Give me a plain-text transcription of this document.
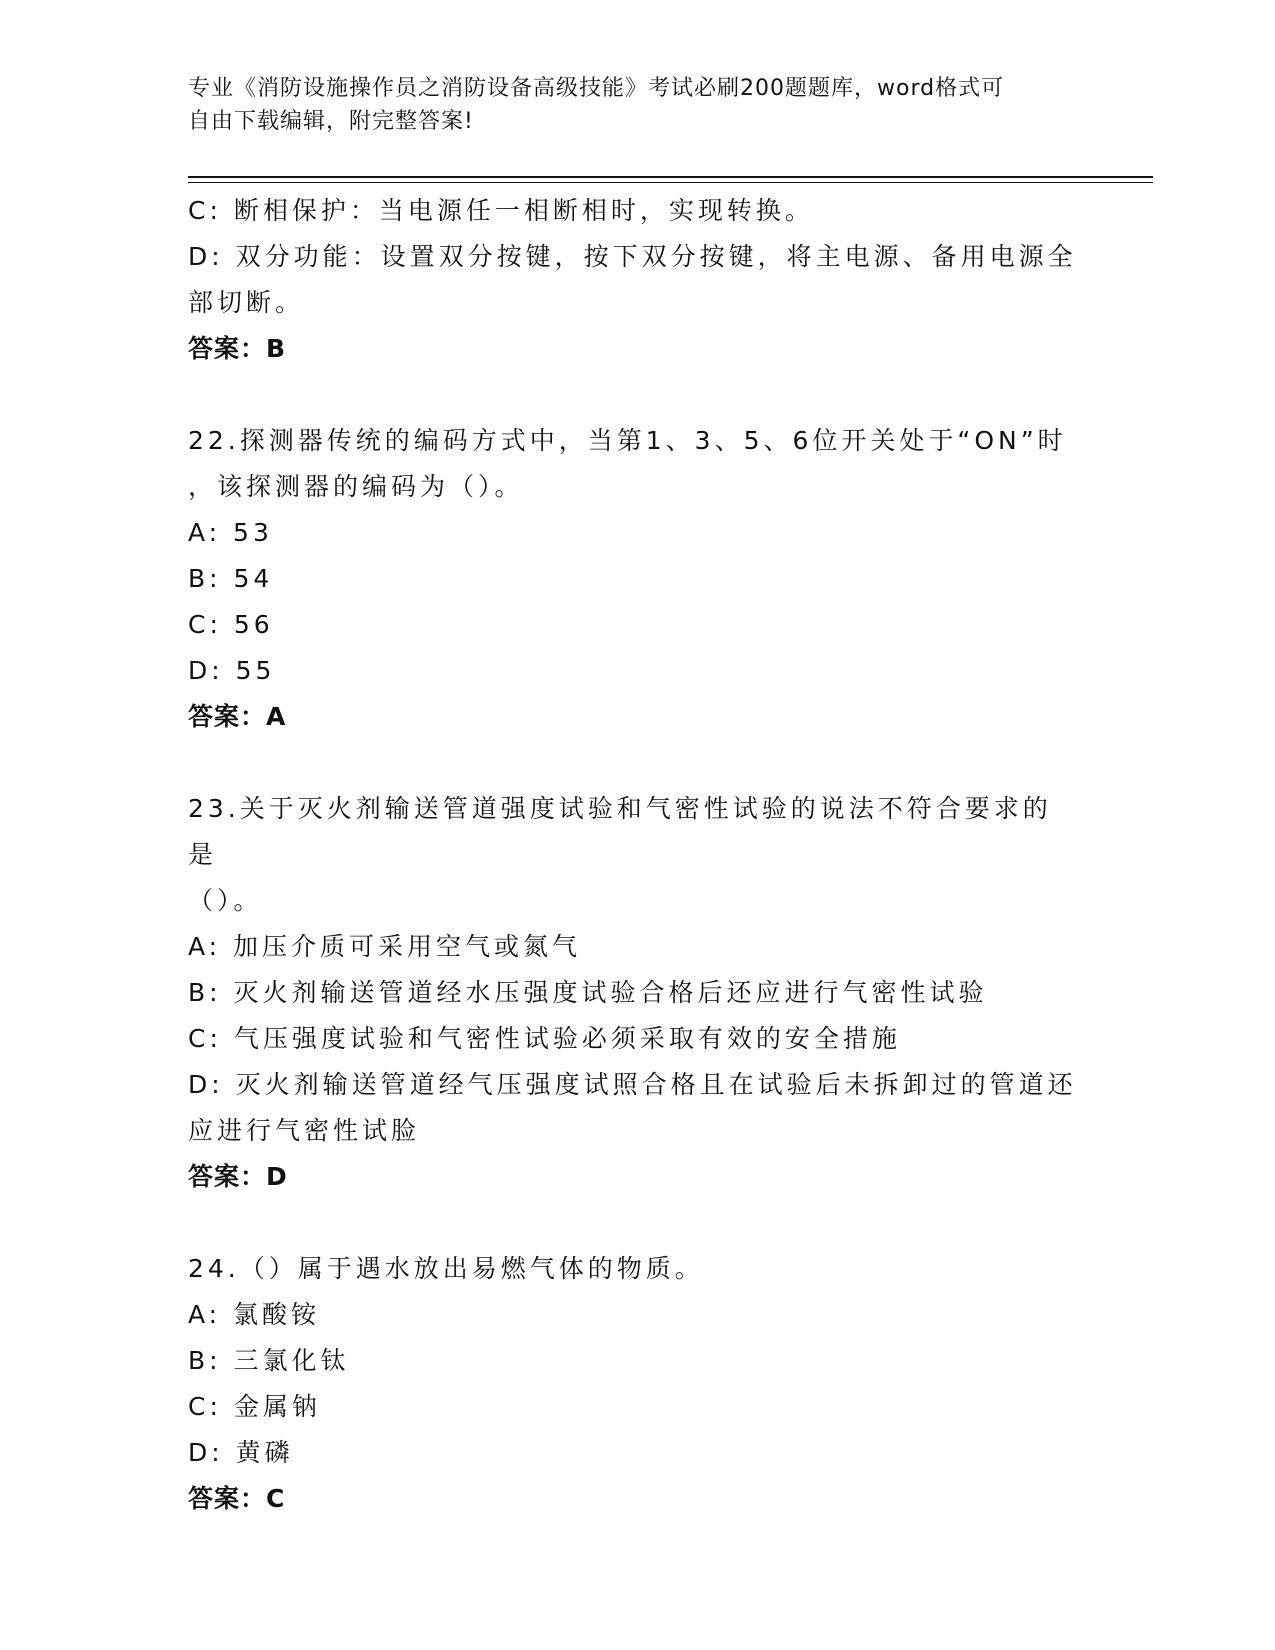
专业《消防设施操作员之消防设备高级技能》考试必刷200题题库，word格式可
自由下载编辑，附完整答案!

C: 断相保护：当电源任一相断相时，实现转换。

D: 双分功能：设置双分按键，按下双分按键，将主电源、备用电源全

部切断。

答案：B

22.探测器传统的编码方式中，当第1、3、5、6位开关处于“ON”时

，该探测器的编码为（）。

A: 53

B: 54

C: 56

D: 55

答案：A

23.关于灭火剂输送管道强度试验和气密性试验的说法不符合要求的是

（）。

A: 加压介质可采用空气或氮气

B: 灭火剂输送管道经水压强度试验合格后还应进行气密性试验

C: 气压强度试验和气密性试验必须采取有效的安全措施

D: 灭火剂输送管道经气压强度试照合格且在试验后未拆卸过的管道还

应进行气密性试脸

答案：D

24.（）属于遇水放出易燃气体的物质。

A: 氯酸铵

B: 三氯化钛

C: 金属钠

D: 黄磷

答案：C
